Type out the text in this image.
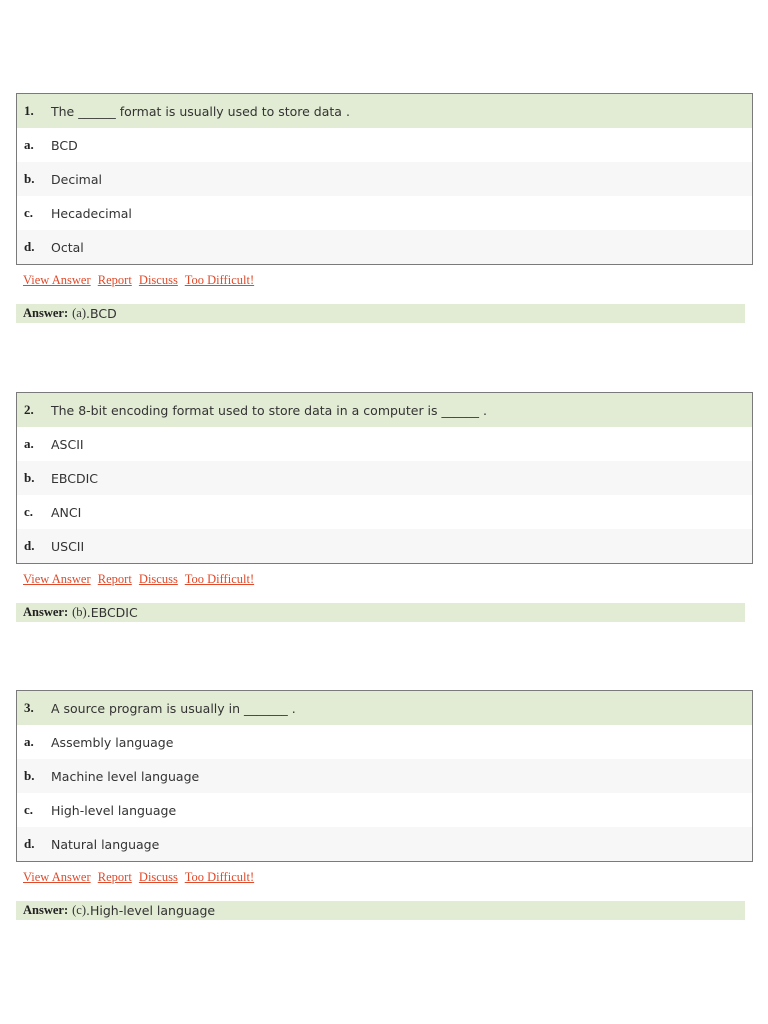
1.	The ______ format is usually used to store data .
a.	BCD
b.	Decimal
c.	Hecadecimal
d.	Octal
View Answer Report Discuss Too Difficult!
Answer: (a) .BCD
2.	The 8-bit encoding format used to store data in a computer is ______ .
a.	ASCII
b.	EBCDIC
c.	ANCI
d.	USCII
View Answer Report Discuss Too Difficult!
Answer: (b) .EBCDIC
3.	A source program is usually in _______ .
a.	Assembly language
b.	Machine level language
c.	High-level language
d.	Natural language
View Answer Report Discuss Too Difficult!
Answer: (c) .High-level language
